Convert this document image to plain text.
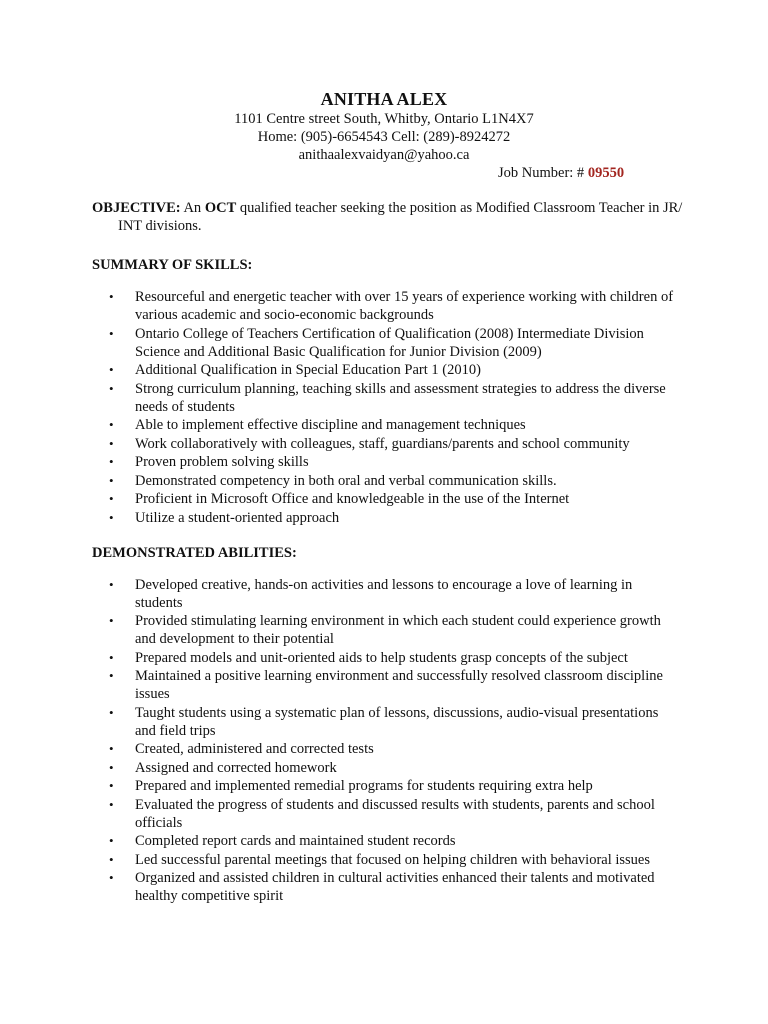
ANITHA ALEX
1101 Centre street South, Whitby, Ontario L1N4X7
Home: (905)-6654543 Cell: (289)-8924272
anithaalexvaidyan@yahoo.ca
Job Number: # 09550
OBJECTIVE: An OCT qualified teacher seeking the position as Modified Classroom Teacher in JR/ INT divisions.
SUMMARY OF SKILLS:
• Resourceful and energetic teacher with over 15 years of experience working with children of various academic and socio-economic backgrounds
• Ontario College of Teachers Certification of Qualification (2008) Intermediate Division Science and Additional Basic Qualification for Junior Division (2009)
• Additional Qualification in Special Education Part 1 (2010)
• Strong curriculum planning, teaching skills and assessment strategies to address the diverse needs of students
• Able to implement effective discipline and management techniques
• Work collaboratively with colleagues, staff, guardians/parents and school community
• Proven problem solving skills
• Demonstrated competency in both oral and verbal communication skills.
• Proficient in Microsoft Office and knowledgeable in the use of the Internet
• Utilize a student-oriented approach
DEMONSTRATED ABILITIES:
• Developed creative, hands-on activities and lessons to encourage a love of learning in students
• Provided stimulating learning environment in which each student could experience growth and development to their potential
• Prepared models and unit-oriented aids to help students grasp concepts of the subject
• Maintained a positive learning environment and successfully resolved classroom discipline issues
• Taught students using a systematic plan of lessons, discussions, audio-visual presentations and field trips
• Created, administered and corrected tests
• Assigned and corrected homework
• Prepared and implemented remedial programs for students requiring extra help
• Evaluated the progress of students and discussed results with students, parents and school officials
• Completed report cards and maintained student records
• Led successful parental meetings that focused on helping children with behavioral issues
• Organized and assisted children in cultural activities enhanced their talents and motivated healthy competitive spirit
